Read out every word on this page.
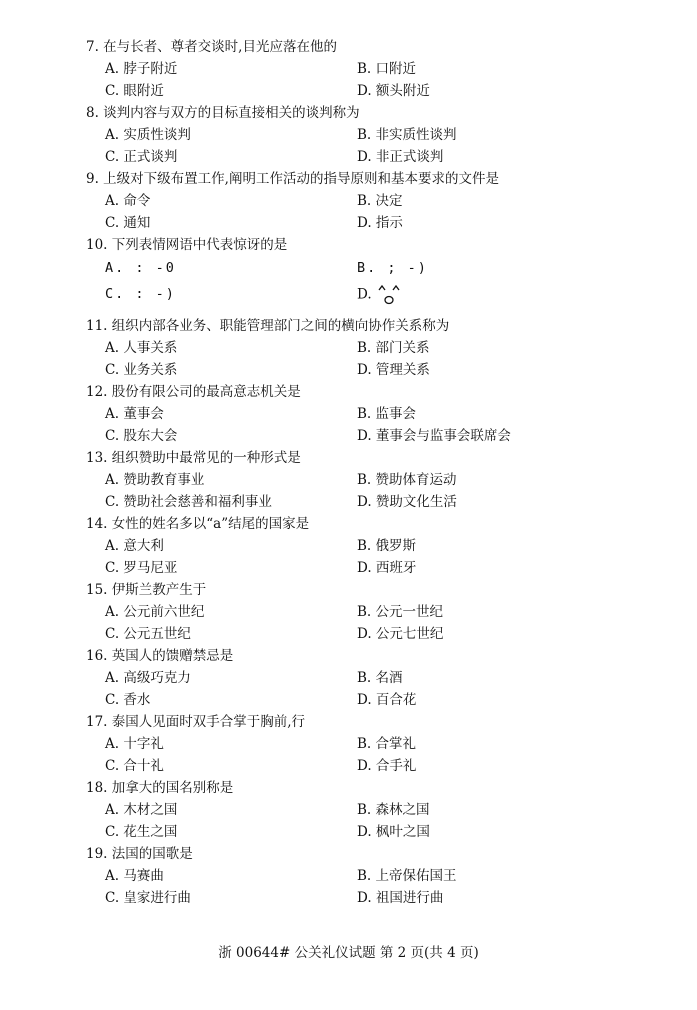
7. 在与长者、尊者交谈时,目光应落在他的
A. 脖子附近	B. 口附近
C. 眼附近	D. 额头附近
8. 谈判内容与双方的目标直接相关的谈判称为
A. 实质性谈判	B. 非实质性谈判
C. 正式谈判	D. 非正式谈判
9. 上级对下级布置工作,阐明工作活动的指导原则和基本要求的文件是
A. 命令	B. 决定
C. 通知	D. 指示
10. 下列表情网语中代表惊讶的是
A. : -0	B. ; -)
C. : -)	D.
11. 组织内部各业务、职能管理部门之间的横向协作关系称为
A. 人事关系	B. 部门关系
C. 业务关系	D. 管理关系
12. 股份有限公司的最高意志机关是
A. 董事会	B. 监事会
C. 股东大会	D. 董事会与监事会联席会
13. 组织赞助中最常见的一种形式是
A. 赞助教育事业	B. 赞助体育运动
C. 赞助社会慈善和福利事业	D. 赞助文化生活
14. 女性的姓名多以“a”结尾的国家是
A. 意大利	B. 俄罗斯
C. 罗马尼亚	D. 西班牙
15. 伊斯兰教产生于
A. 公元前六世纪	B. 公元一世纪
C. 公元五世纪	D. 公元七世纪
16. 英国人的馈赠禁忌是
A. 高级巧克力	B. 名酒
C. 香水	D. 百合花
17. 泰国人见面时双手合掌于胸前,行
A. 十字礼	B. 合掌礼
C. 合十礼	D. 合手礼
18. 加拿大的国名别称是
A. 木材之国	B. 森林之国
C. 花生之国	D. 枫叶之国
19. 法国的国歌是
A. 马赛曲	B. 上帝保佑国王
C. 皇家进行曲	D. 祖国进行曲
浙 00644# 公关礼仪试题 第 2 页(共 4 页)
